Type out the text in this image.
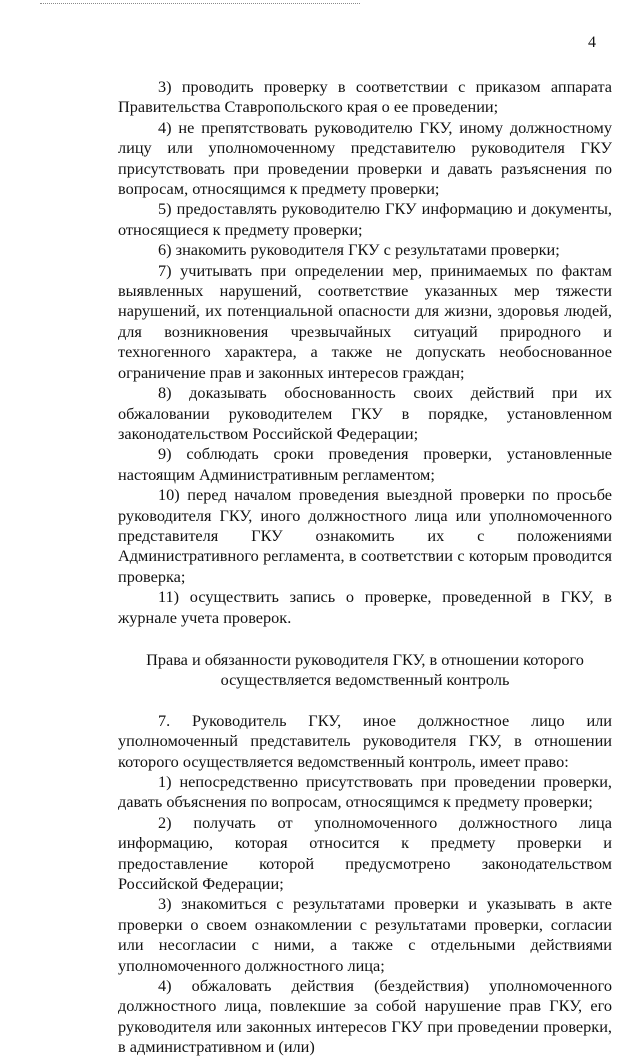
4

3) проводить проверку в соответствии с приказом аппарата Правительства Ставропольского края о ее проведении;

4) не препятствовать руководителю ГКУ, иному должностному лицу или уполномоченному представителю руководителя ГКУ присутствовать при проведении проверки и давать разъяснения по вопросам, относящимся к предмету проверки;

5) предоставлять руководителю ГКУ информацию и документы, относящиеся к предмету проверки;

6) знакомить руководителя ГКУ с результатами проверки;

7) учитывать при определении мер, принимаемых по фактам выявленных нарушений, соответствие указанных мер тяжести нарушений, их потенциальной опасности для жизни, здоровья людей, для возникновения чрезвычайных ситуаций природного и техногенного характера, а также не допускать необоснованное ограничение прав и законных интересов граждан;

8) доказывать обоснованность своих действий при их обжаловании руководителем ГКУ в порядке, установленном законодательством Российской Федерации;

9) соблюдать сроки проведения проверки, установленные настоящим Административным регламентом;

10) перед началом проведения выездной проверки по просьбе руководителя ГКУ, иного должностного лица или уполномоченного представителя ГКУ ознакомить их с положениями Административного регламента, в соответствии с которым проводится проверка;

11) осуществить запись о проверке, проведенной в ГКУ, в журнале учета проверок.

Права и обязанности руководителя ГКУ, в отношении которого
осуществляется ведомственный контроль

7. Руководитель ГКУ, иное должностное лицо или уполномоченный представитель руководителя ГКУ, в отношении которого осуществляется ведомственный контроль, имеет право:

1) непосредственно присутствовать при проведении проверки, давать объяснения по вопросам, относящимся к предмету проверки;

2) получать от уполномоченного должностного лица информацию, которая относится к предмету проверки и предоставление которой предусмотрено законодательством Российской Федерации;

3) знакомиться с результатами проверки и указывать в акте проверки о своем ознакомлении с результатами проверки, согласии или несогласии с ними, а также с отдельными действиями уполномоченного должностного лица;

4) обжаловать действия (бездействия) уполномоченного должностного лица, повлекшие за собой нарушение прав ГКУ, его руководителя или законных интересов ГКУ при проведении проверки, в административном и (или)
